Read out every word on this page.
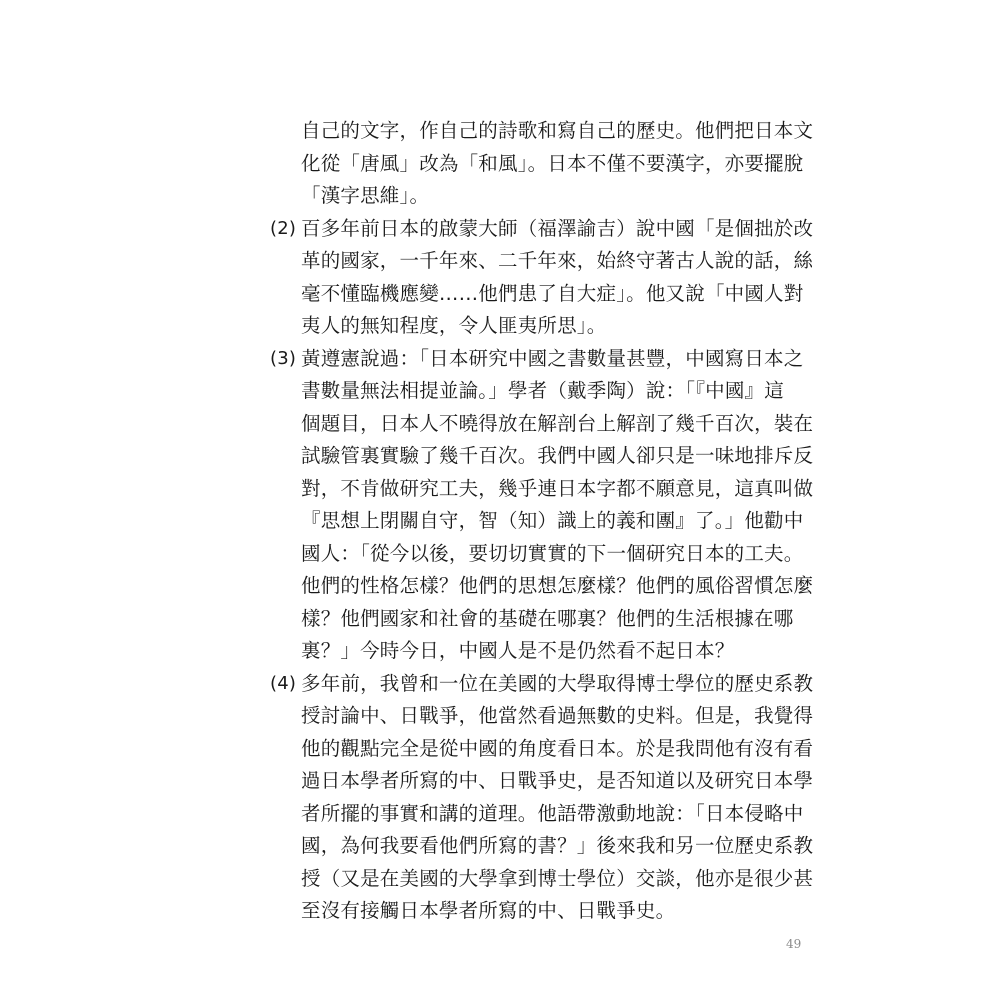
自己的文字，作自己的詩歌和寫自己的歷史。他們把日本文
化從「唐風」改為「和風」。日本不僅不要漢字，亦要擺脫
「漢字思維」。
(2) 百多年前日本的啟蒙大師（福澤諭吉）說中國「是個拙於改
革的國家，一千年來、二千年來，始終守著古人說的話，絲
毫不懂臨機應變……他們患了自大症」。他又說「中國人對
夷人的無知程度，令人匪夷所思」。
(3) 黃遵憲說過：「日本研究中國之書數量甚豐，中國寫日本之
書數量無法相提並論。」學者（戴季陶）說：「『中國』這
個題目，日本人不曉得放在解剖台上解剖了幾千百次，裝在
試驗管裏實驗了幾千百次。我們中國人卻只是一味地排斥反
對，不肯做研究工夫，幾乎連日本字都不願意見，這真叫做
『思想上閉關自守，智（知）識上的義和團』了。」他勸中
國人：「從今以後，要切切實實的下一個研究日本的工夫。
他們的性格怎樣？他們的思想怎麼樣？他們的風俗習慣怎麼
樣？他們國家和社會的基礎在哪裏？他們的生活根據在哪
裏？」今時今日，中國人是不是仍然看不起日本？
(4) 多年前，我曾和一位在美國的大學取得博士學位的歷史系教
授討論中、日戰爭，他當然看過無數的史料。但是，我覺得
他的觀點完全是從中國的角度看日本。於是我問他有沒有看
過日本學者所寫的中、日戰爭史，是否知道以及研究日本學
者所擺的事實和講的道理。他語帶激動地說：「日本侵略中
國，為何我要看他們所寫的書？」後來我和另一位歷史系教
授（又是在美國的大學拿到博士學位）交談，他亦是很少甚
至沒有接觸日本學者所寫的中、日戰爭史。
49
